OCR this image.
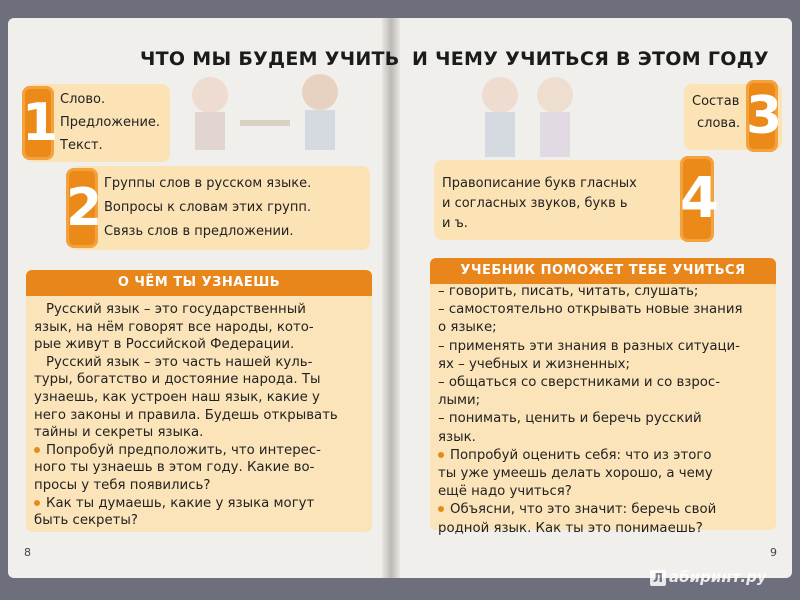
ЧТО МЫ БУДЕМ УЧИТЬ И ЧЕМУ УЧИТЬСЯ В ЭТОМ ГОДУ
1 Слово.
Предложение.
Текст.
2 Группы слов в русском языке.
Вопросы к словам этих групп.
Связь слов в предложении.
3
Состав
слова.
4
Правописание букв гласных
и согласных звуков, букв ь
и ъ.
О ЧЁМ ТЫ УЗНАЕШЬ
Русский язык – это государственный
язык, на нём говорят все народы, кото-
рые живут в Российской Федерации.
Русский язык – это часть нашей куль-
туры, богатство и достояние народа. Ты
узнаешь, как устроен наш язык, какие у
него законы и правила. Будешь открывать
тайны и секреты языка.
Попробуй предположить, что интерес-
ного ты узнаешь в этом году. Какие во-
просы у тебя появились?
Как ты думаешь, какие у языка могут
быть секреты?
УЧЕБНИК ПОМОЖЕТ ТЕБЕ УЧИТЬСЯ
– говорить, писать, читать, слушать;
– самостоятельно открывать новые знания
о языке;
– применять эти знания в разных ситуаци-
ях – учебных и жизненных;
– общаться со сверстниками и со взрос-
лыми;
– понимать, ценить и беречь русский
язык.
Попробуй оценить себя: что из этого
ты уже умеешь делать хорошо, а чему
ещё надо учиться?
Объясни, что это значит: беречь свой
родной язык. Как ты это понимаешь?
8	9
Л абиринт.ру
